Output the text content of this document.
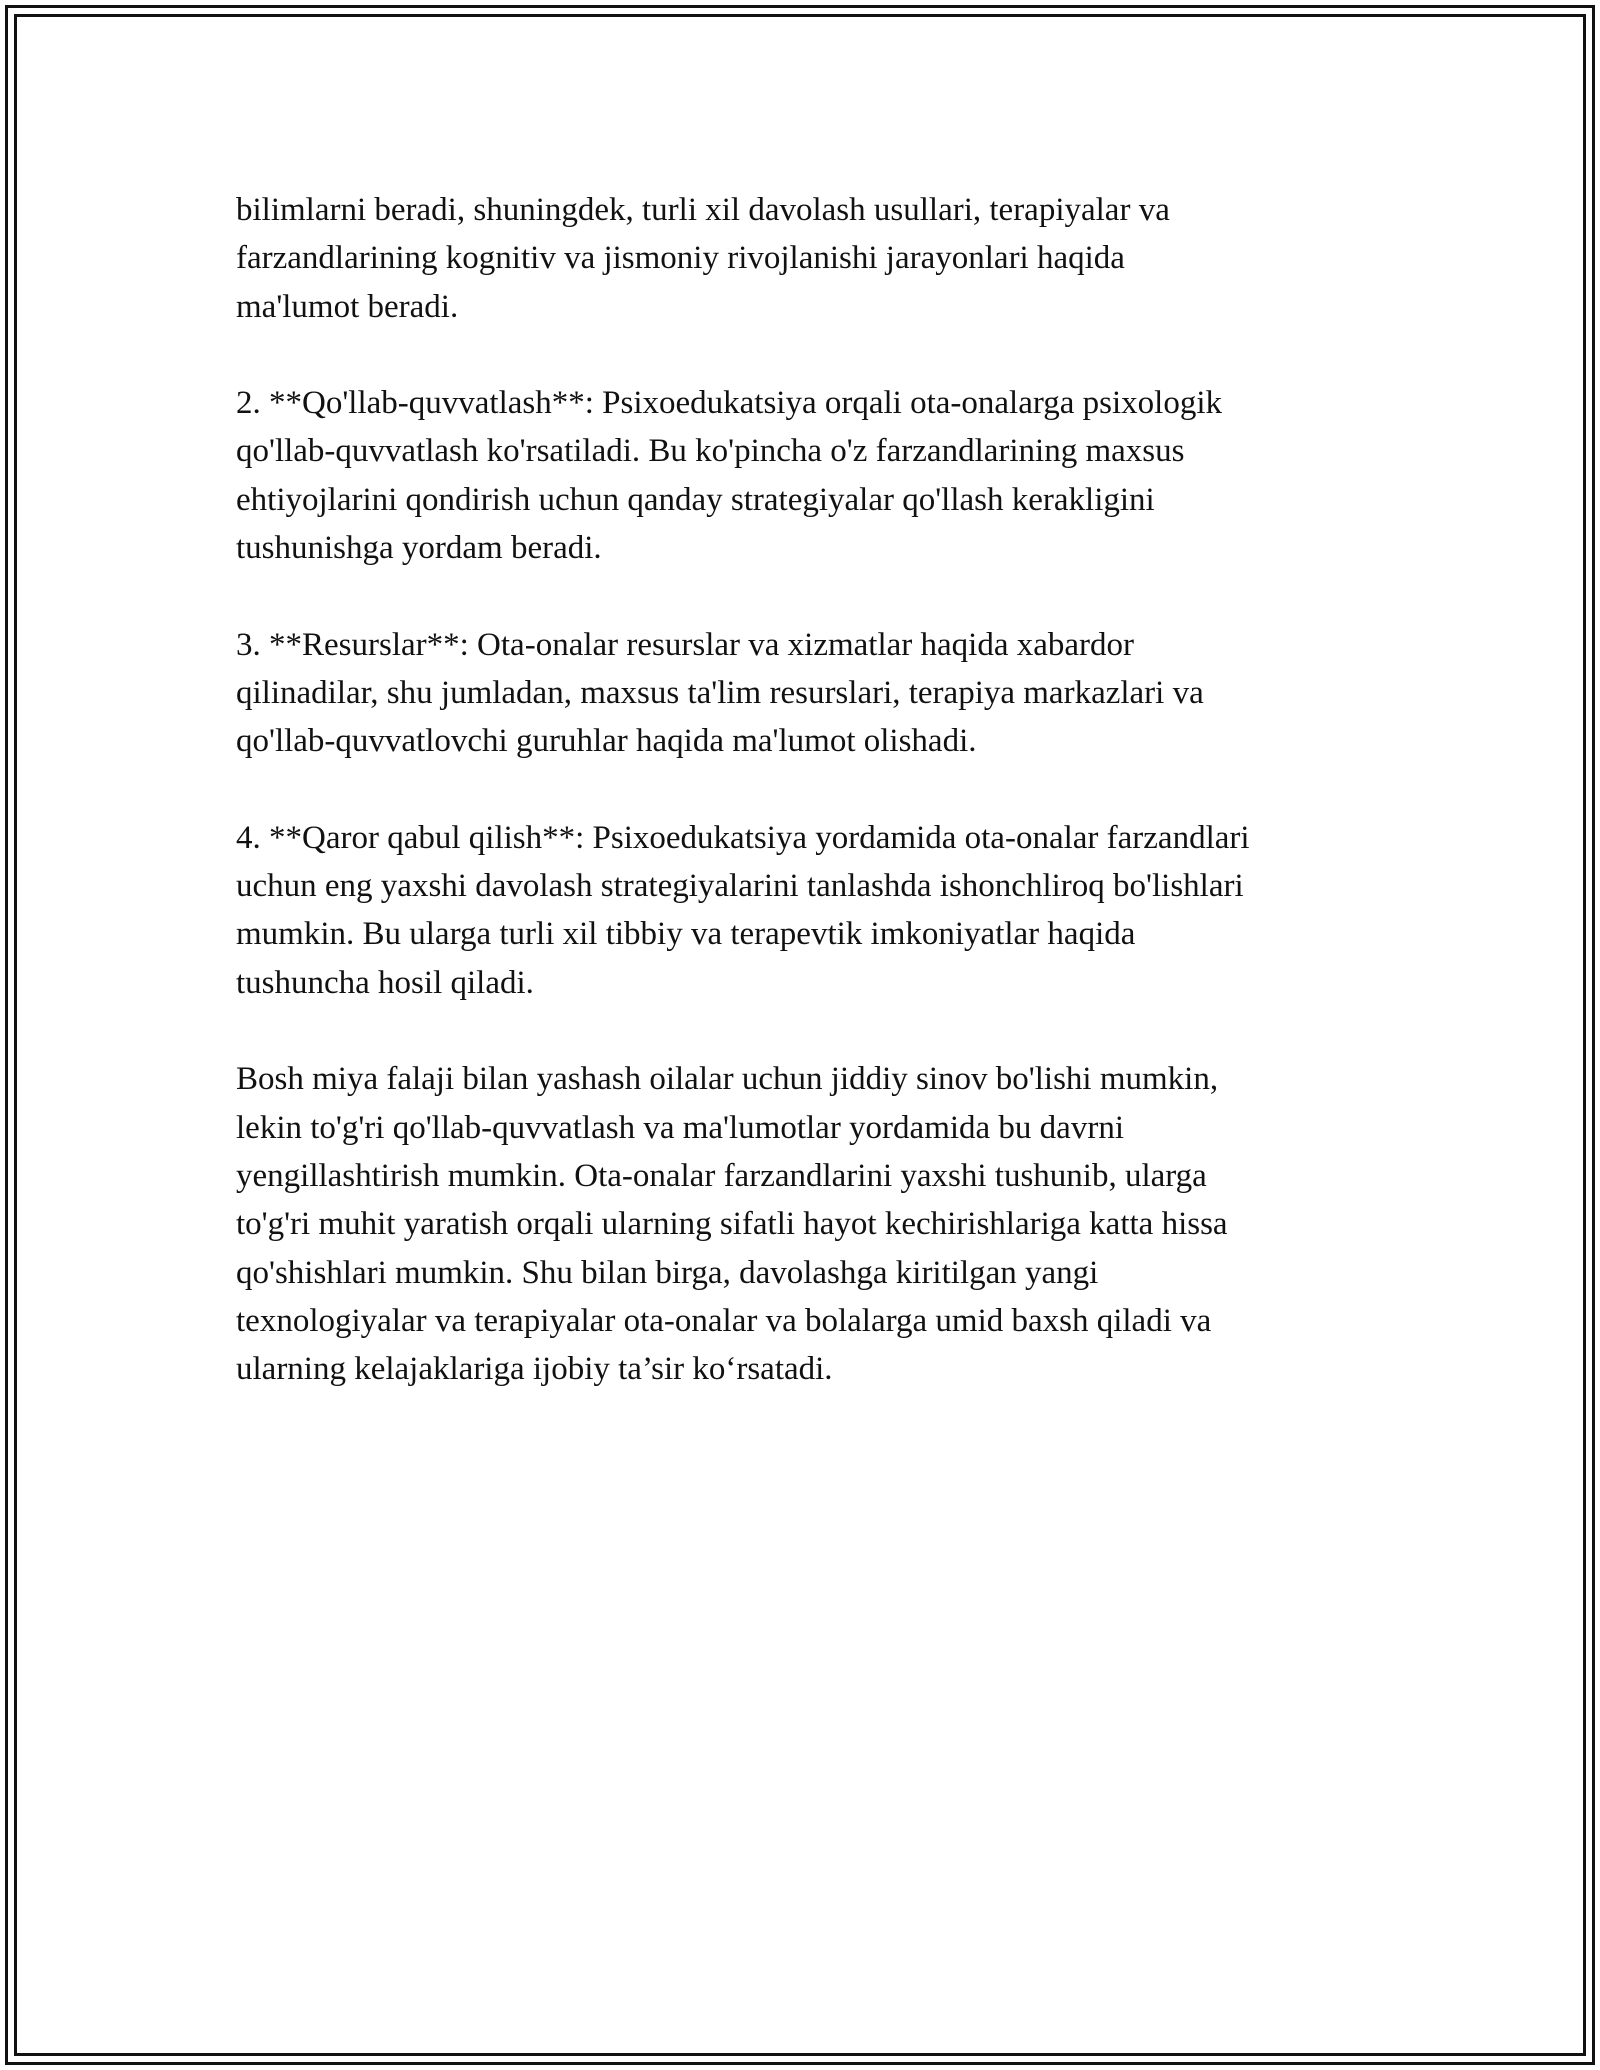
bilimlarni beradi, shuningdek, turli xil davolash usullari, terapiyalar va
farzandlarining kognitiv va jismoniy rivojlanishi jarayonlari haqida
ma'lumot beradi.

2. **Qo'llab-quvvatlash**: Psixoedukatsiya orqali ota-onalarga psixologik
qo'llab-quvvatlash ko'rsatiladi. Bu ko'pincha o'z farzandlarining maxsus
ehtiyojlarini qondirish uchun qanday strategiyalar qo'llash kerakligini
tushunishga yordam beradi.

3. **Resurslar**: Ota-onalar resurslar va xizmatlar haqida xabardor
qilinadilar, shu jumladan, maxsus ta'lim resurslari, terapiya markazlari va
qo'llab-quvvatlovchi guruhlar haqida ma'lumot olishadi.

4. **Qaror qabul qilish**: Psixoedukatsiya yordamida ota-onalar farzandlari
uchun eng yaxshi davolash strategiyalarini tanlashda ishonchliroq bo'lishlari
mumkin. Bu ularga turli xil tibbiy va terapevtik imkoniyatlar haqida
tushuncha hosil qiladi.

Bosh miya falaji bilan yashash oilalar uchun jiddiy sinov bo'lishi mumkin,
lekin to'g'ri qo'llab-quvvatlash va ma'lumotlar yordamida bu davrni
yengillashtirish mumkin. Ota-onalar farzandlarini yaxshi tushunib, ularga
to'g'ri muhit yaratish orqali ularning sifatli hayot kechirishlariga katta hissa
qo'shishlari mumkin. Shu bilan birga, davolashga kiritilgan yangi
texnologiyalar va terapiyalar ota-onalar va bolalarga umid baxsh qiladi va
ularning kelajaklariga ijobiy ta’sir ko‘rsatadi.
